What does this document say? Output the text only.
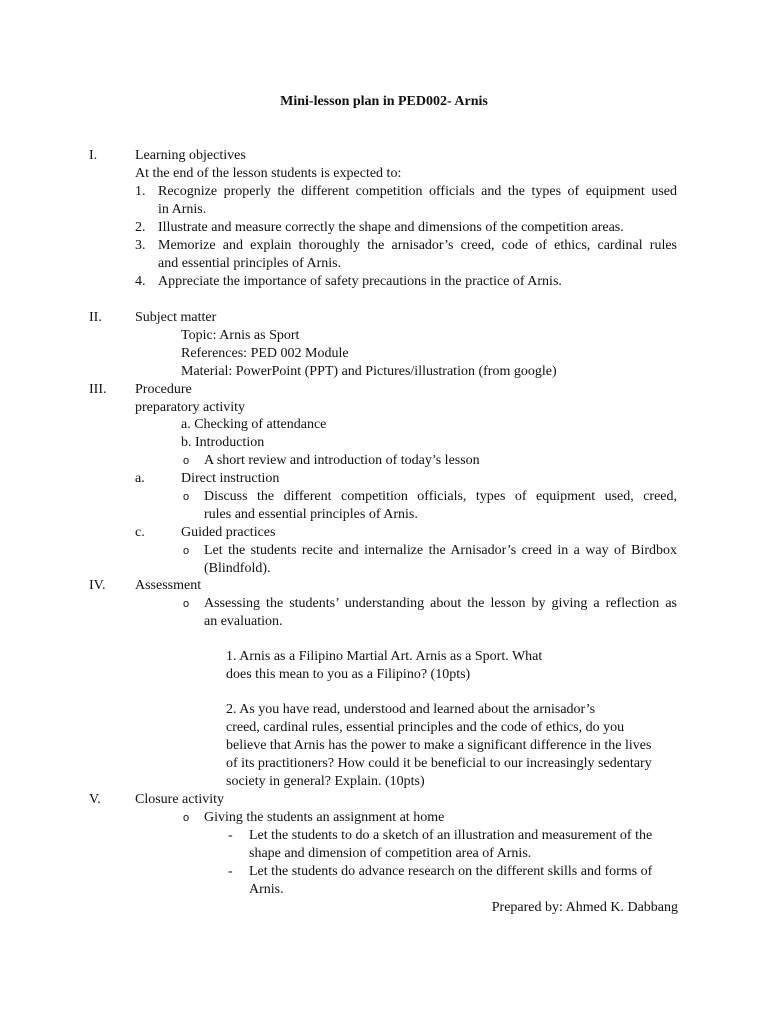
Mini-lesson plan in PED002- Arnis
I.	Learning objectives
At the end of the lesson students is expected to:
1. Recognize properly the different competition officials and the types of equipment used
in Arnis.
2. Illustrate and measure correctly the shape and dimensions of the competition areas.
3. Memorize and explain thoroughly the arnisador’s creed, code of ethics, cardinal rules
and essential principles of Arnis.
4. Appreciate the importance of safety precautions in the practice of Arnis.
II. Subject matter
Topic: Arnis as Sport
References: PED 002 Module
Material: PowerPoint (PPT) and Pictures/illustration (from google)
III. Procedure
preparatory activity
a. Checking of attendance
b. Introduction
o A short review and introduction of today’s lesson
a.	Direct instruction
o Discuss the different competition officials, types of equipment used, creed,
rules and essential principles of Arnis.
c.	Guided practices
o Let the students recite and internalize the Arnisador’s creed in a way of Birdbox
(Blindfold).
IV. Assessment
o Assessing the students’ understanding about the lesson by giving a reflection as
an evaluation.
1. Arnis as a Filipino Martial Art. Arnis as a Sport. What
does this mean to you as a Filipino? (10pts)
2. As you have read, understood and learned about the arnisador’s
creed, cardinal rules, essential principles and the code of ethics, do you
believe that Arnis has the power to make a significant difference in the lives
of its practitioners? How could it be beneficial to our increasingly sedentary
society in general? Explain. (10pts)
V. Closure activity
o Giving the students an assignment at home
- Let the students to do a sketch of an illustration and measurement of the
shape and dimension of competition area of Arnis.
- Let the students do advance research on the different skills and forms of
Arnis.
Prepared by: Ahmed K. Dabbang
